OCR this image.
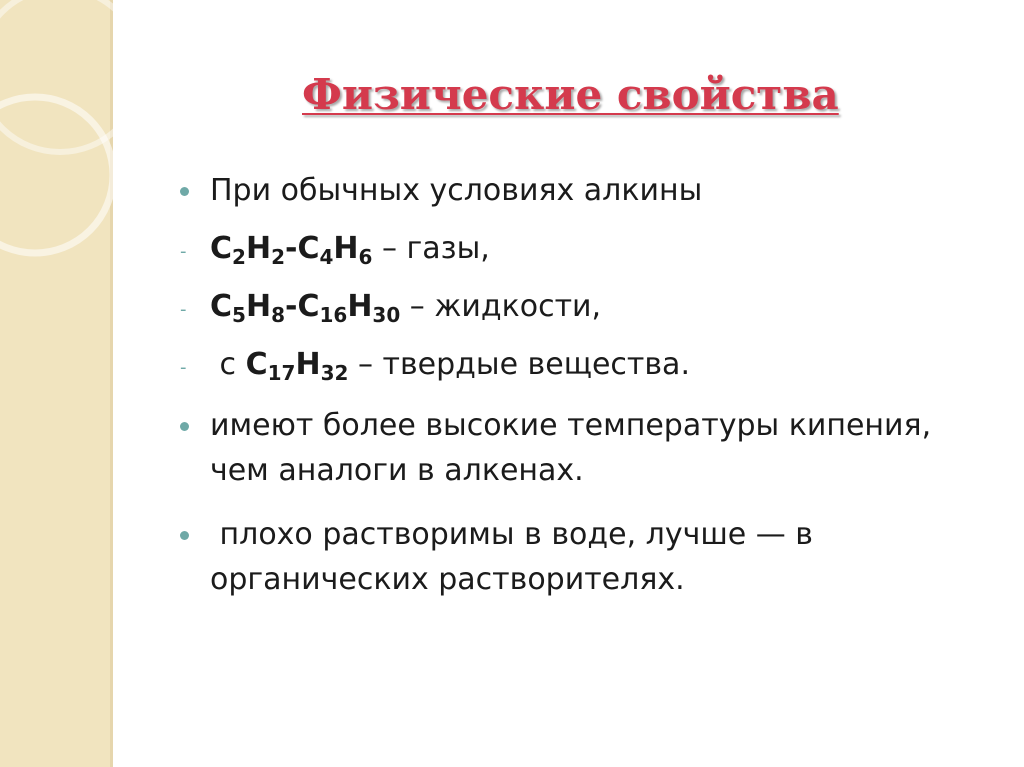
Физические свойства
При обычных условиях алкины
- $C_2H_2-C_4H_6$ – газы,
- $C_5H_8-C_{16}H_{30}$ – жидкости,
- с $C_{17}H_{32}$ – твердые вещества.
имеют более высокие температуры кипения,
чем аналоги в алкенах.
плохо растворимы в воде, лучше — в
органических растворителях.
